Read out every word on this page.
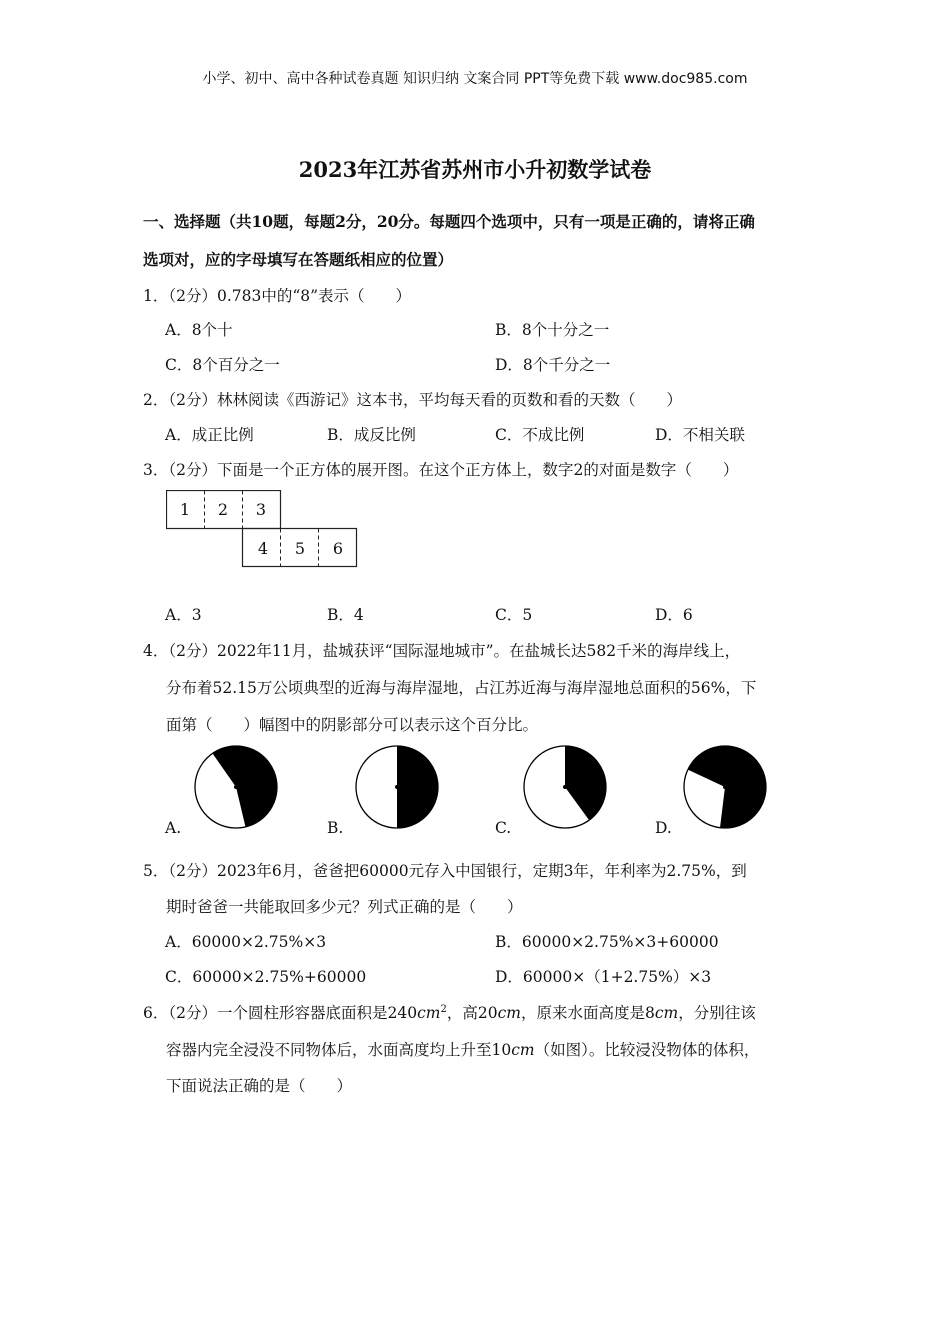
小学、初中、高中各种试卷真题 知识归纳 文案合同 PPT等免费下载 www.doc985.com
2023年江苏省苏州市小升初数学试卷
一、选择题（共10题，每题2分，20分。每题四个选项中，只有一项是正确的，请将正确
选项对，应的字母填写在答题纸相应的位置）
1．（2分）0.783中的“8”表示（　　）
A．8个十	B．8个十分之一
C．8个百分之一	D．8个千分之一
2．（2分）林林阅读《西游记》这本书，平均每天看的页数和看的天数（　　）
A．成正比例	B．成反比例	C．不成比例	D．不相关联
3．（2分）下面是一个正方体的展开图。在这个正方体上，数字2的对面是数字（　　）
1	2	3
4	5	6
A．3	B．4	C．5	D．6
4．（2分）2022年11月，盐城获评“国际湿地城市”。在盐城长达582千米的海岸线上，
分布着52.15万公顷典型的近海与海岸湿地，占江苏近海与海岸湿地总面积的56%，下
面第（　　）幅图中的阴影部分可以表示这个百分比。
A.	B.	C.	D.
5．（2分）2023年6月，爸爸把60000元存入中国银行，定期3年，年利率为2.75%，到
期时爸爸一共能取回多少元？列式正确的是（　　）
A．60000×2.75%×3	B．60000×2.75%×3+60000
C．60000×2.75%+60000	D．60000×（1+2.75%）×3
6．（2分）一个圆柱形容器底面积是$240cm^2$，高20cm，原来水面高度是8cm，分别往该
容器内完全浸没不同物体后，水面高度均上升至10cm（如图）。比较浸没物体的体积，
下面说法正确的是（　　）
